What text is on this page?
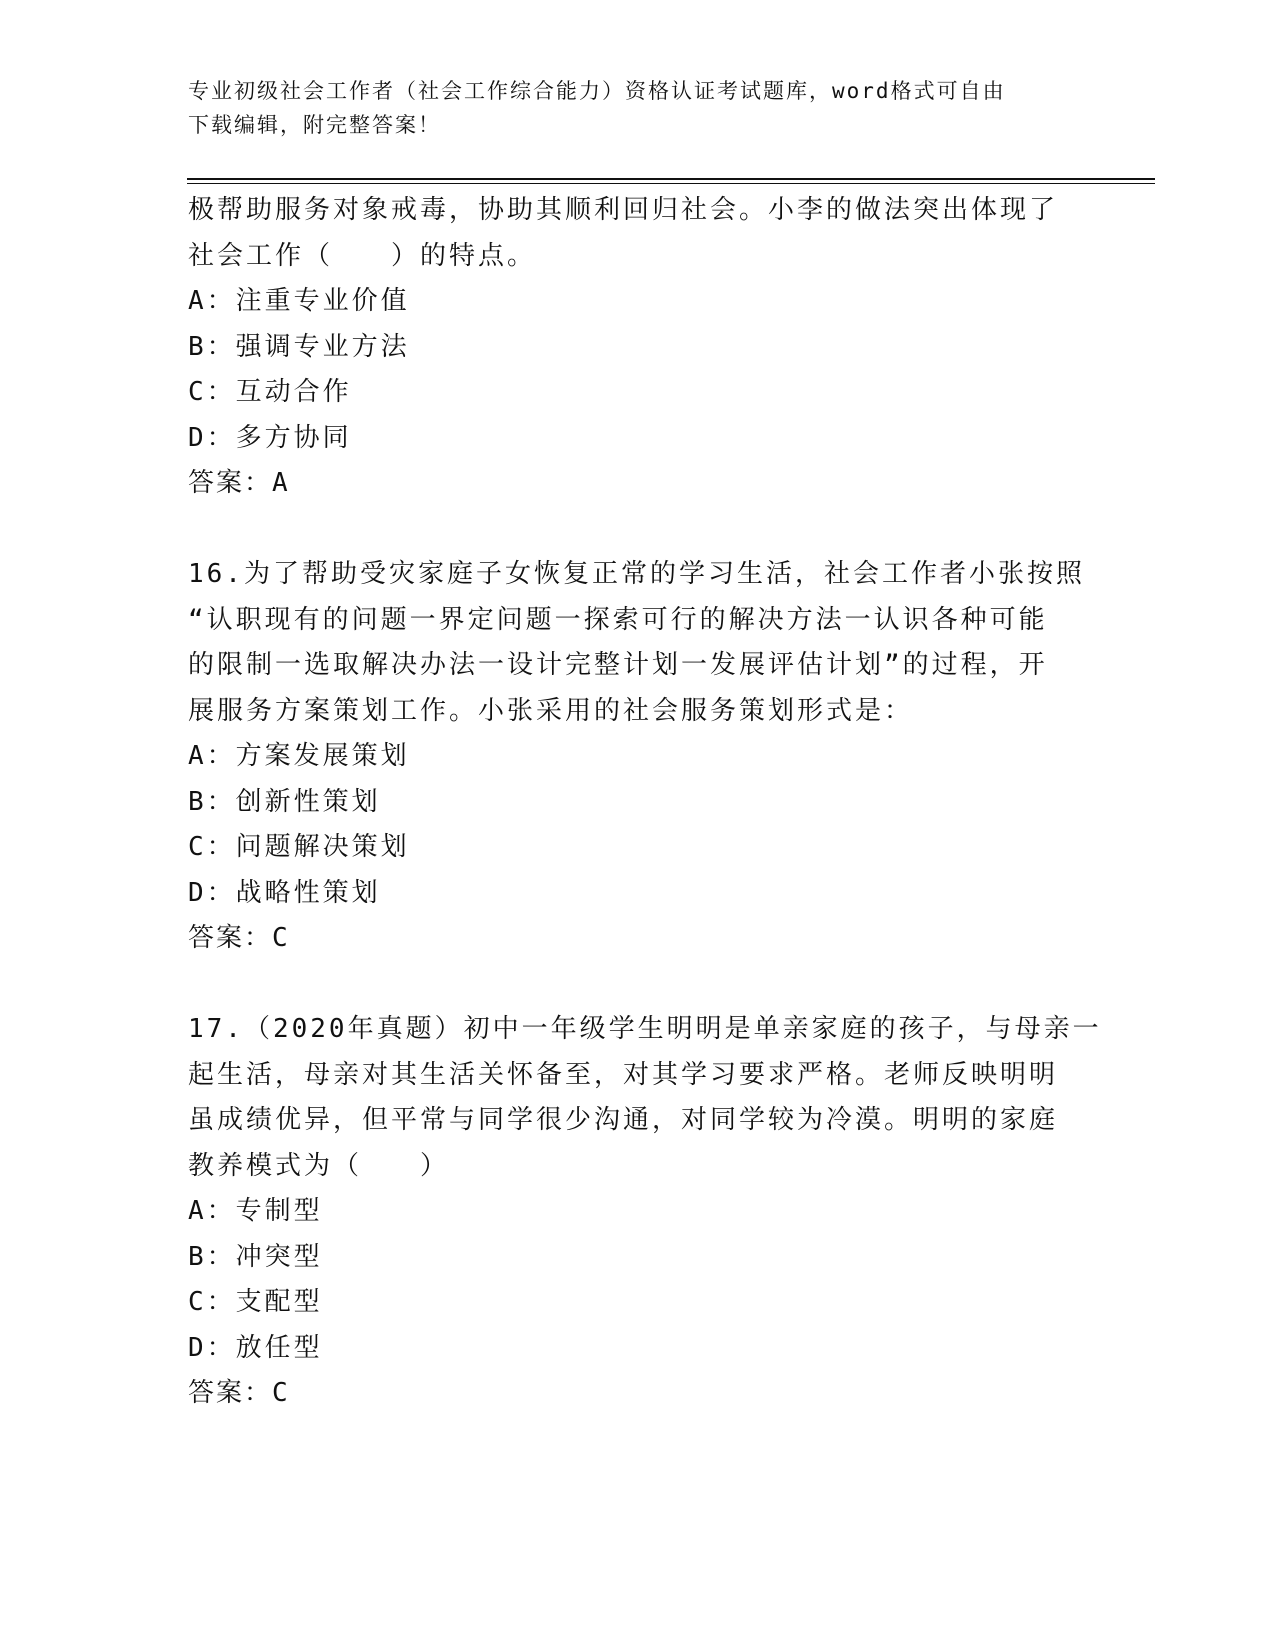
专业初级社会工作者（社会工作综合能力）资格认证考试题库，word格式可自由
下载编辑，附完整答案！
极帮助服务对象戒毒，协助其顺利回归社会。小李的做法突出体现了
社会工作（　　）的特点。
A：注重专业价值
B：强调专业方法
C：互动合作
D：多方协同
答案：A
16.为了帮助受灾家庭子女恢复正常的学习生活，社会工作者小张按照
“认职现有的问题一界定问题一探索可行的解决方法一认识各种可能
的限制一选取解决办法一设计完整计划一发展评估计划”的过程，开
展服务方案策划工作。小张采用的社会服务策划形式是：
A：方案发展策划
B：创新性策划
C：问题解决策划
D：战略性策划
答案：C
17.（2020年真题）初中一年级学生明明是单亲家庭的孩子，与母亲一
起生活，母亲对其生活关怀备至，对其学习要求严格。老师反映明明
虽成绩优异，但平常与同学很少沟通，对同学较为冷漠。明明的家庭
教养模式为（　　）
A：专制型
B：冲突型
C：支配型
D：放任型
答案：C
